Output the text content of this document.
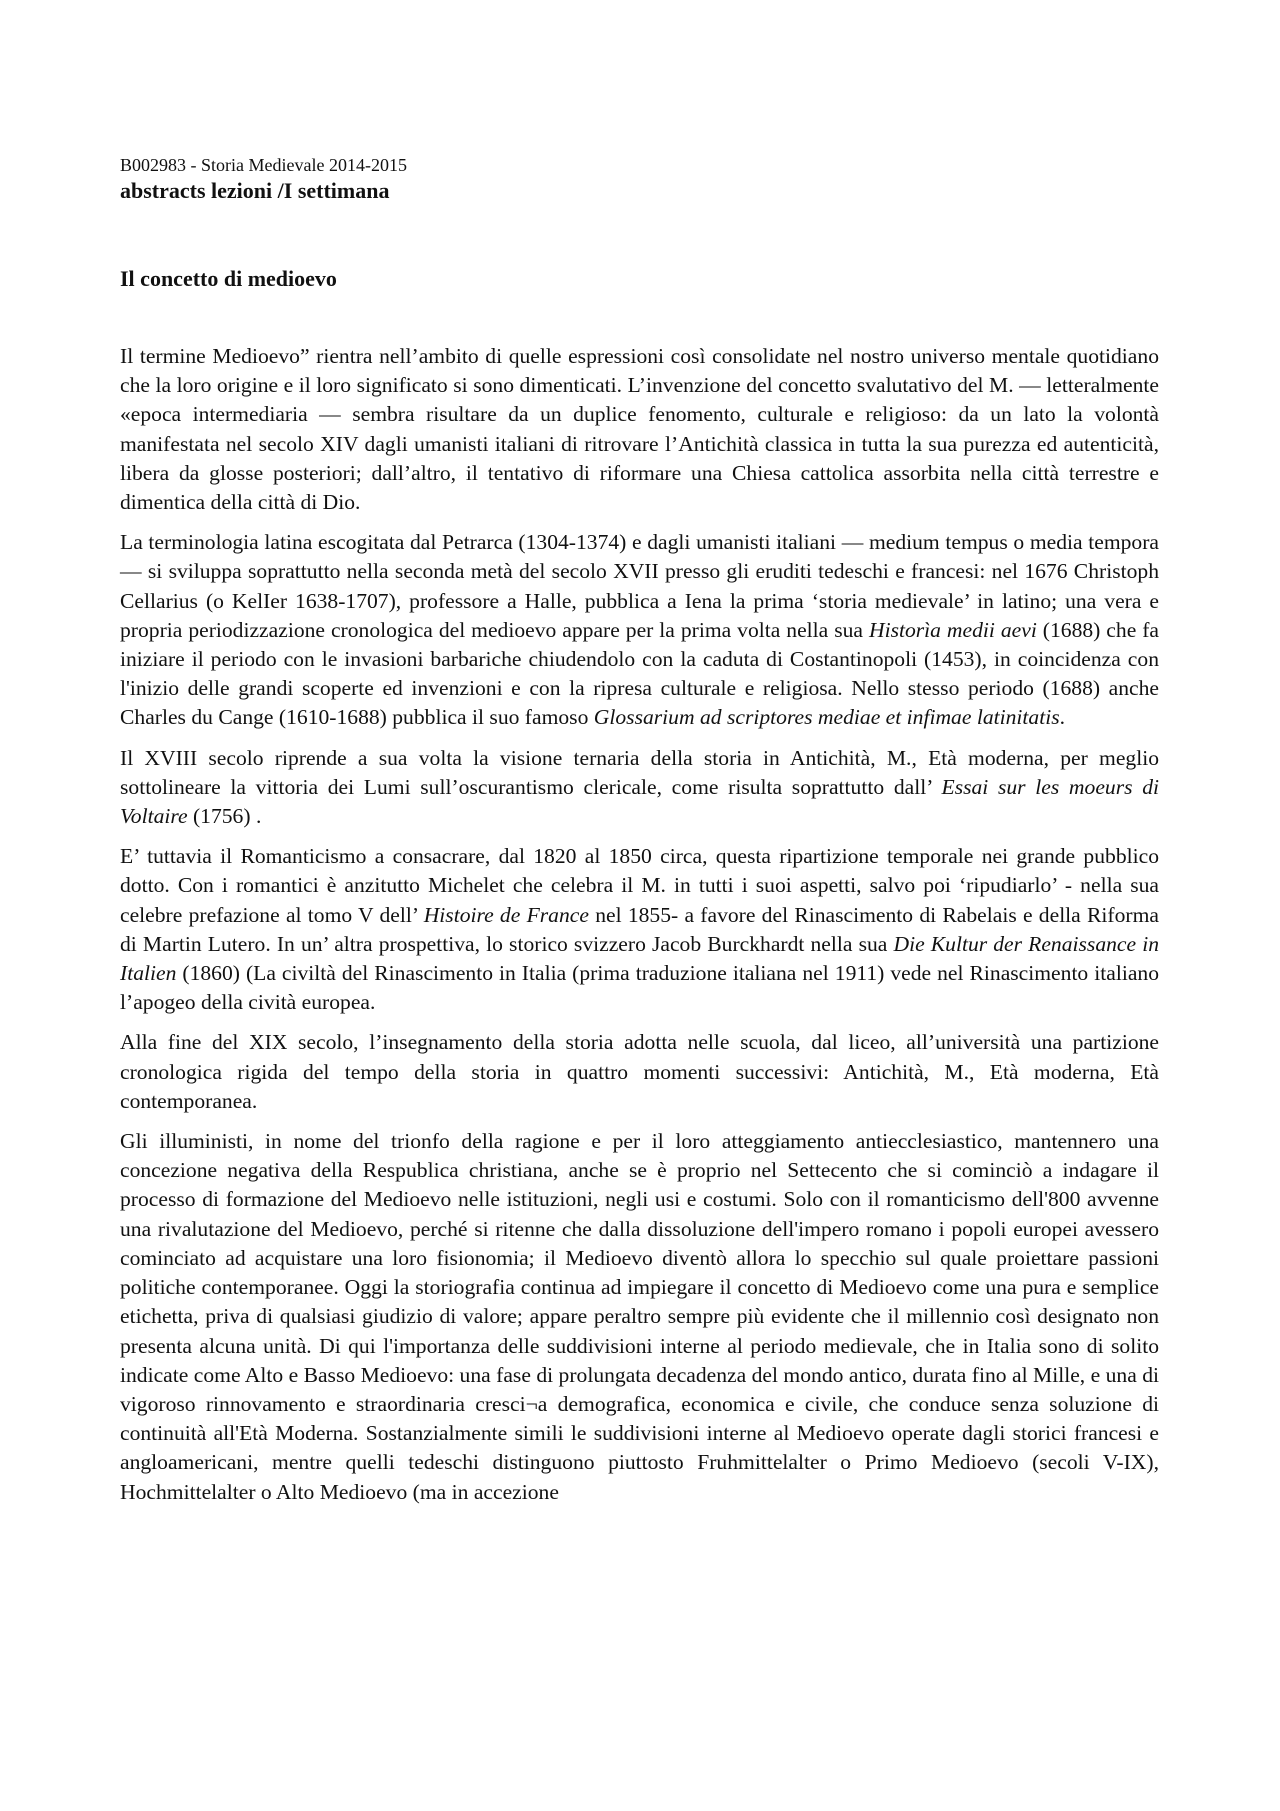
B002983 - Storia Medievale 2014-2015
abstracts lezioni /I settimana
Il concetto di medioevo

Il termine Medioevo” rientra nell’ambito di quelle espressioni così consolidate nel nostro universo mentale quotidiano che la loro origine e il loro significato si sono dimenticati. L’invenzione del concetto svalutativo del M. — letteralmente «epoca intermediaria — sembra risultare da un duplice fenomento, culturale e religioso: da un lato la volontà manifestata nel secolo XIV dagli umanisti italiani di ritrovare l’Antichità classica in tutta la sua purezza ed autenticità, libera da glosse posteriori; dall’altro, il tentativo di riformare una Chiesa cattolica assorbita nella città terrestre e dimentica della città di Dio.

La terminologia latina escogitata dal Petrarca (1304-1374) e dagli umanisti italiani — medium tempus o media tempora — si sviluppa soprattutto nella seconda metà del secolo XVII presso gli eruditi tedeschi e francesi: nel 1676 Christoph Cellarius (o KelIer 1638-1707), professore a Halle, pubblica a Iena la prima ‘storia medievale’ in latino; una vera e propria periodizzazione cronologica del medioevo appare per la prima volta nella sua Historìa medii aevi (1688) che fa iniziare il periodo con le invasioni barbariche chiudendolo con la caduta di Costantinopoli (1453), in coincidenza con l'inizio delle grandi scoperte ed invenzioni e con la ripresa culturale e religiosa. Nello stesso periodo (1688) anche Charles du Cange (1610-1688) pubblica il suo famoso Glossarium ad scriptores mediae et infimae latinitatis.

Il XVIII secolo riprende a sua volta la visione ternaria della storia in Antichità, M., Età moderna, per meglio sottolineare la vittoria dei Lumi sull’oscurantismo clericale, come risulta soprattutto dall’ Essai sur les moeurs di Voltaire (1756) .

E’ tuttavia il Romanticismo a consacrare, dal 1820 al 1850 circa, questa ripartizione temporale nei grande pubblico dotto. Con i romantici è anzitutto Michelet che celebra il M. in tutti i suoi aspetti, salvo poi ‘ripudiarlo’ - nella sua celebre prefazione al tomo V dell’ Histoire de France nel 1855- a favore del Rinascimento di Rabelais e della Riforma di Martin Lutero. In un’ altra prospettiva, lo storico svizzero Jacob Burckhardt nella sua Die Kultur der Renaissance in Italien (1860) (La civiltà del Rinascimento in Italia (prima traduzione italiana nel 1911) vede nel Rinascimento italiano l’apogeo della cività europea.

Alla fine del XIX secolo, l’insegnamento della storia adotta nelle scuola, dal liceo, all’università una partizione cronologica rigida del tempo della storia in quattro momenti successivi: Antichità, M., Età moderna, Età contemporanea.

Gli illuministi, in nome del trionfo della ragione e per il loro atteggiamento antiecclesiastico, mantennero una concezione negativa della Respublica christiana, anche se è proprio nel Settecento che si cominciò a indagare il processo di formazione del Medioevo nelle istituzioni, negli usi e costumi. Solo con il romanticismo dell'800 avvenne una rivalutazione del Medioevo, perché si ritenne che dalla dissoluzione dell'impero romano i popoli europei avessero cominciato ad acquistare una loro fisionomia; il Medioevo diventò allora lo specchio sul quale proiettare passioni politiche contemporanee. Oggi la storiografia continua ad impiegare il concetto di Medioevo come una pura e semplice etichetta, priva di qualsiasi giudizio di valore; appare peraltro sempre più evidente che il millennio così designato non presenta alcuna unità. Di qui l'importanza delle suddivisioni interne al periodo medievale, che in Italia sono di solito indicate come Alto e Basso Medioevo: una fase di prolungata decadenza del mondo antico, durata fino al Mille, e una di vigoroso rinnovamento e straordinaria cresci¬a demografica, economica e civile, che conduce senza soluzione di continuità all'Età Moderna. Sostanzialmente simili le suddivisioni interne al Medioevo operate dagli storici francesi e angloamericani, mentre quelli tedeschi distinguono piuttosto Fruhmittelalter o Primo Medioevo (secoli V-IX), Hochmittelalter o Alto Medioevo (ma in accezione
